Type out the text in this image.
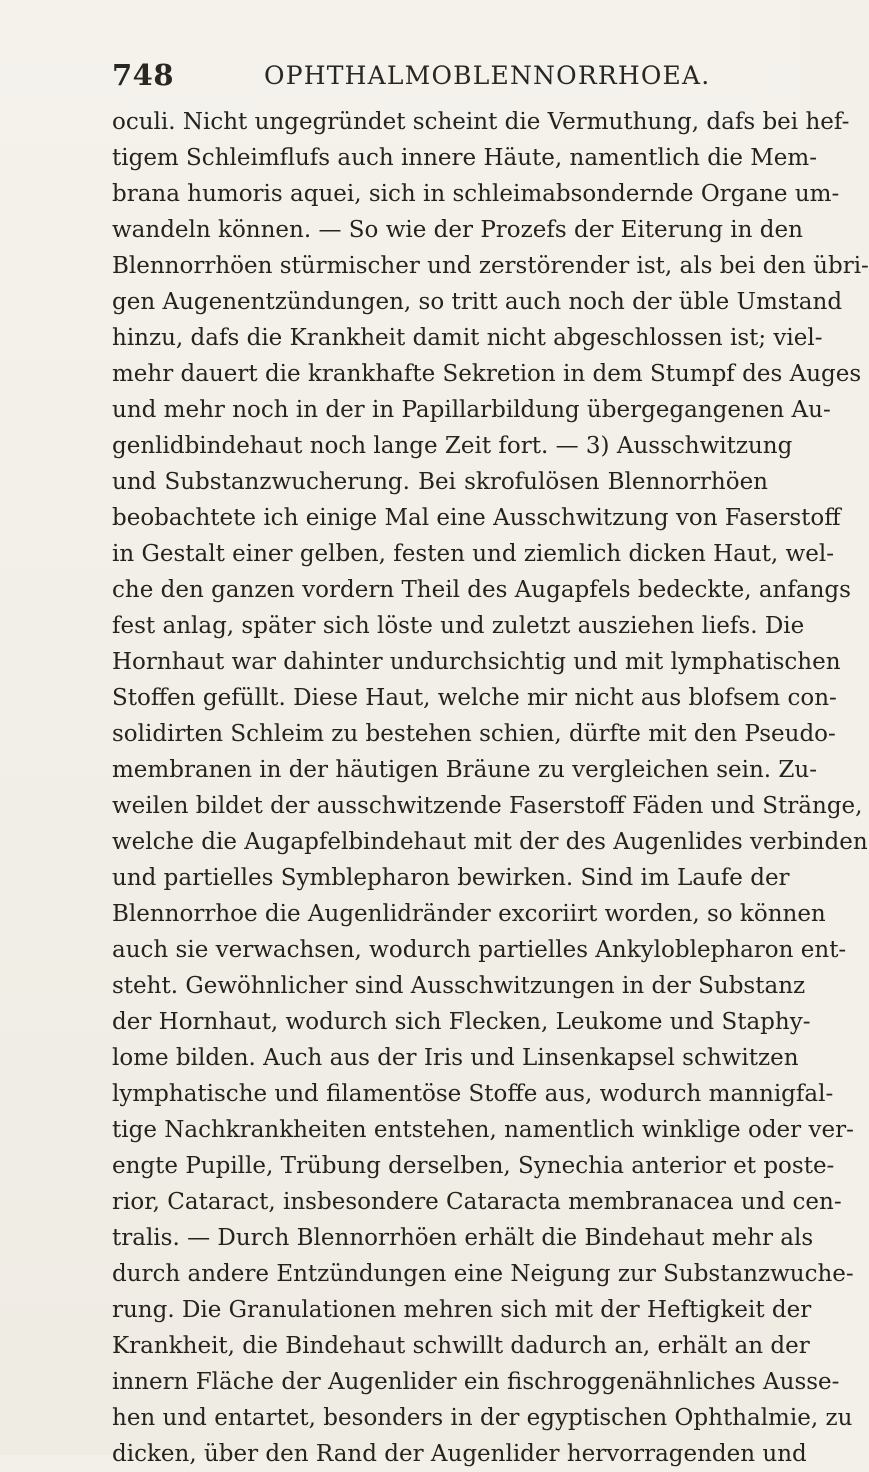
748	OPHTHALMOBLENNORRHOEA.
oculi. Nicht ungegründet scheint die Vermuthung, dafs bei hef-
tigem Schleimflufs auch innere Häute, namentlich die Mem-
brana humoris aquei, sich in schleimabsondernde Organe um-
wandeln können. — So wie der Prozefs der Eiterung in den
Blennorrhöen stürmischer und zerstörender ist, als bei den übri-
gen Augenentzündungen, so tritt auch noch der üble Umstand
hinzu, dafs die Krankheit damit nicht abgeschlossen ist; viel-
mehr dauert die krankhafte Sekretion in dem Stumpf des Auges
und mehr noch in der in Papillarbildung übergegangenen Au-
genlidbindehaut noch lange Zeit fort. — 3) Ausschwitzung
und Substanzwucherung. Bei skrofulösen Blennorrhöen
beobachtete ich einige Mal eine Ausschwitzung von Faserstoff
in Gestalt einer gelben, festen und ziemlich dicken Haut, wel-
che den ganzen vordern Theil des Augapfels bedeckte, anfangs
fest anlag, später sich löste und zuletzt ausziehen liefs. Die
Hornhaut war dahinter undurchsichtig und mit lymphatischen
Stoffen gefüllt. Diese Haut, welche mir nicht aus blofsem con-
solidirten Schleim zu bestehen schien, dürfte mit den Pseudo-
membranen in der häutigen Bräune zu vergleichen sein. Zu-
weilen bildet der ausschwitzende Faserstoff Fäden und Stränge,
welche die Augapfelbindehaut mit der des Augenlides verbinden
und partielles Symblepharon bewirken. Sind im Laufe der
Blennorrhoe die Augenlidränder excoriirt worden, so können
auch sie verwachsen, wodurch partielles Ankyloblepharon ent-
steht. Gewöhnlicher sind Ausschwitzungen in der Substanz
der Hornhaut, wodurch sich Flecken, Leukome und Staphy-
lome bilden. Auch aus der Iris und Linsenkapsel schwitzen
lymphatische und filamentöse Stoffe aus, wodurch mannigfal-
tige Nachkrankheiten entstehen, namentlich winklige oder ver-
engte Pupille, Trübung derselben, Synechia anterior et poste-
rior, Cataract, insbesondere Cataracta membranacea und cen-
tralis. — Durch Blennorrhöen erhält die Bindehaut mehr als
durch andere Entzündungen eine Neigung zur Substanzwuche-
rung. Die Granulationen mehren sich mit der Heftigkeit der
Krankheit, die Bindehaut schwillt dadurch an, erhält an der
innern Fläche der Augenlider ein fischroggenähnliches Ausse-
hen und entartet, besonders in der egyptischen Ophthalmie, zu
dicken, über den Rand der Augenlider hervorragenden und
